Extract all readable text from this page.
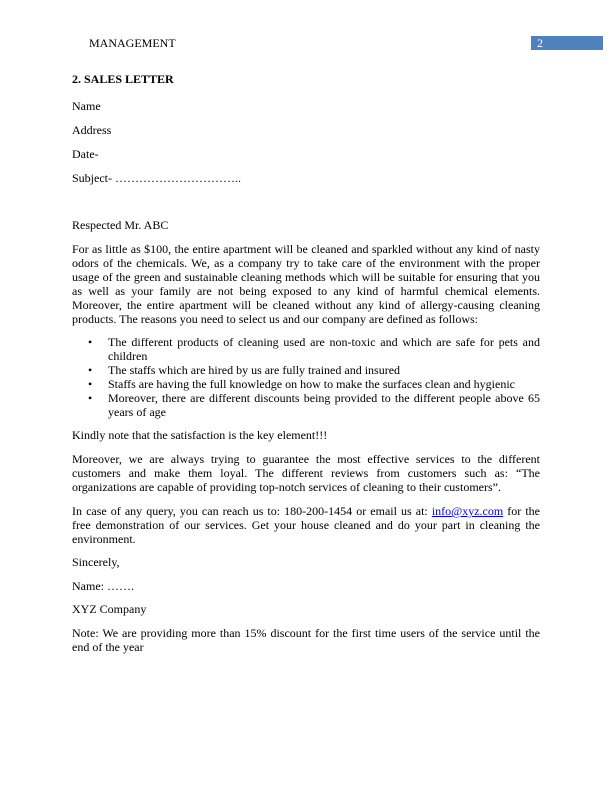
MANAGEMENT	2
2. SALES LETTER
Name
Address
Date-
Subject- …………………………..
Respected Mr. ABC
For as little as $100, the entire apartment will be cleaned and sparkled without any kind of nasty odors of the chemicals. We, as a company try to take care of the environment with the proper usage of the green and sustainable cleaning methods which will be suitable for ensuring that you as well as your family are not being exposed to any kind of harmful chemical elements. Moreover, the entire apartment will be cleaned without any kind of allergy-causing cleaning products. The reasons you need to select us and our company are defined as follows:
• The different products of cleaning used are non-toxic and which are safe for pets and children
• The staffs which are hired by us are fully trained and insured
• Staffs are having the full knowledge on how to make the surfaces clean and hygienic
• Moreover, there are different discounts being provided to the different people above 65 years of age
Kindly note that the satisfaction is the key element!!!
Moreover, we are always trying to guarantee the most effective services to the different customers and make them loyal. The different reviews from customers such as: “The organizations are capable of providing top-notch services of cleaning to their customers”.
In case of any query, you can reach us to: 180-200-1454 or email us at: info@xyz.com for the free demonstration of our services. Get your house cleaned and do your part in cleaning the environment.
Sincerely,
Name: …….
XYZ Company
Note: We are providing more than 15% discount for the first time users of the service until the end of the year
